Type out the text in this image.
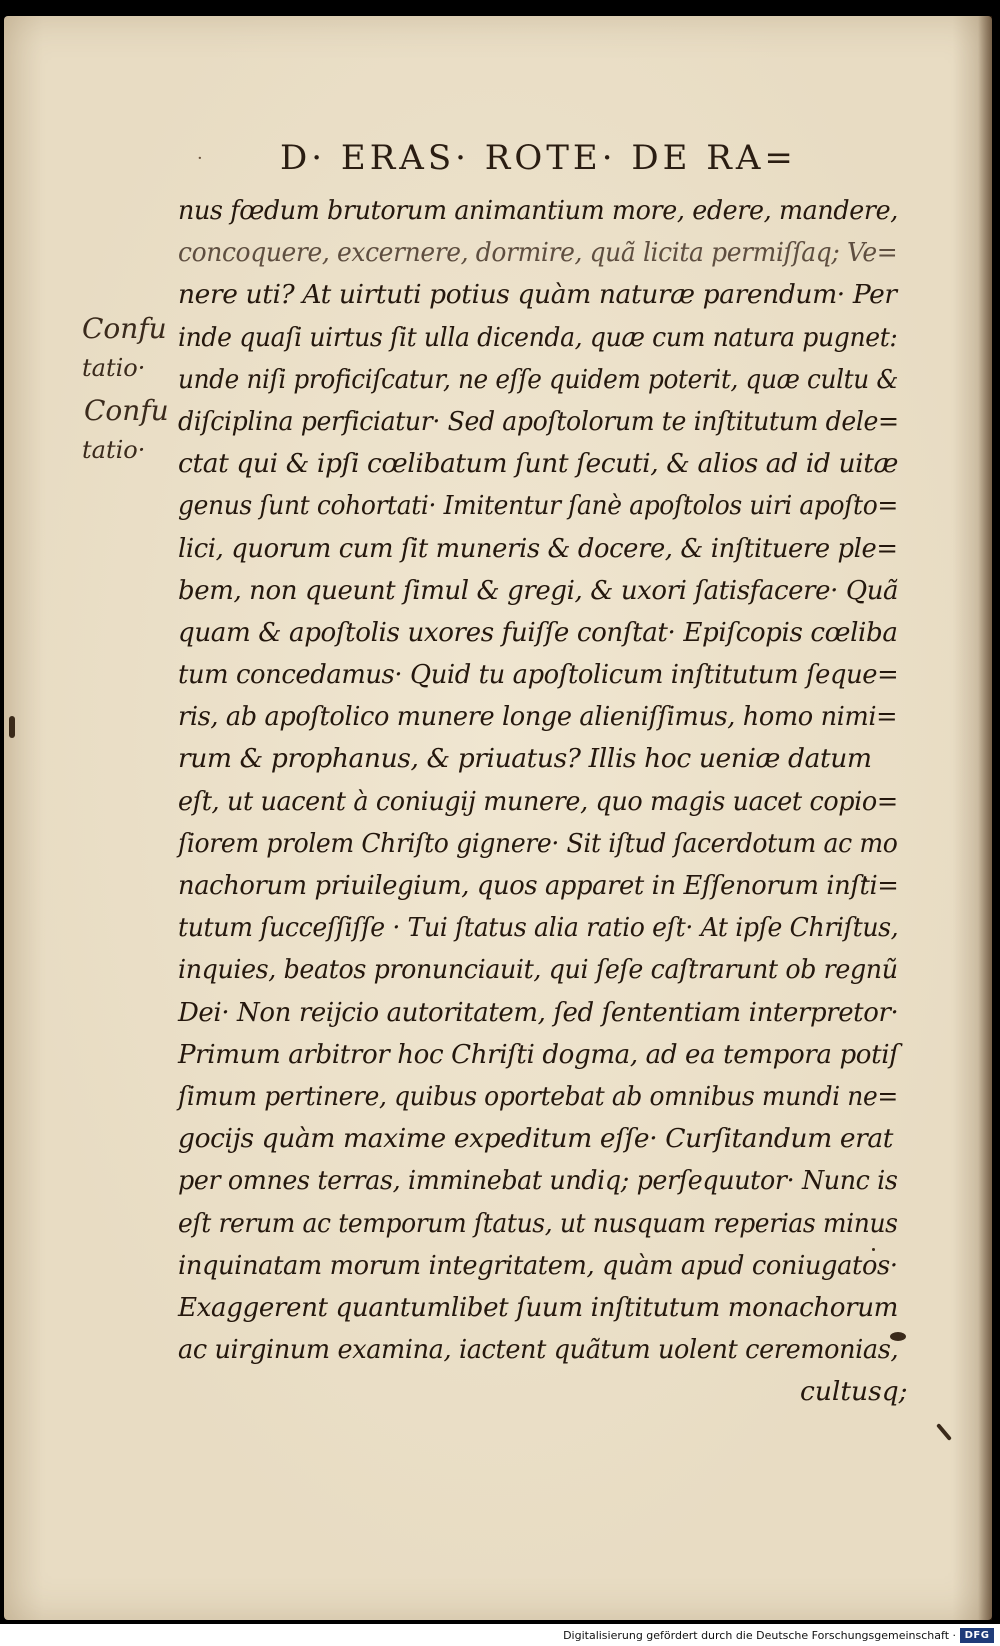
· D· ERAS· ROTE· DE RA=
Confu
tatio·
Confu
tatio·
nus fœdum brutorum animantium more, edere, mandere,
concoquere, excernere, dormire, quã licita permiſſaq; Ve=
nere uti? At uirtuti potius quàm naturæ parendum· Per
inde quaſi uirtus ſit ulla dicenda, quæ cum natura pugnet:
unde niſi proficiſcatur, ne eſſe quidem poterit, quæ cultu &
diſciplina perficiatur· Sed apoſtolorum te inſtitutum dele=
ctat qui & ipſi cœlibatum ſunt ſecuti, & alios ad id uitæ
genus ſunt cohortati· Imitentur ſanè apoſtolos uiri apoſto=
lici, quorum cum ſit muneris & docere, & inſtituere ple=
bem, non queunt ſimul & gregi, & uxori ſatisfacere· Quã
quam & apoſtolis uxores fuiſſe conſtat· Epiſcopis cœliba
tum concedamus· Quid tu apoſtolicum inſtitutum ſeque=
ris, ab apoſtolico munere longe alieniſſimus, homo nimi=
rum & prophanus, & priuatus? Illis hoc ueniæ datum
eſt, ut uacent à coniugij munere, quo magis uacet copio=
ſiorem prolem Chriſto gignere· Sit iſtud ſacerdotum ac mo
nachorum priuilegium, quos apparet in Eſſenorum inſti=
tutum ſucceſſiſſe · Tui ſtatus alia ratio eſt· At ipſe Chriſtus,
inquies, beatos pronunciauit, qui ſeſe caſtrarunt ob regnũ
Dei· Non reijcio autoritatem, ſed ſententiam interpretor·
Primum arbitror hoc Chriſti dogma, ad ea tempora potiſ
ſimum pertinere, quibus oportebat ab omnibus mundi ne=
gocijs quàm maxime expeditum eſſe· Curſitandum erat
per omnes terras, imminebat undiq; perſequutor· Nunc is
eſt rerum ac temporum ſtatus, ut nusquam reperias minus
inquinatam morum integritatem, quàm apud coniugatos·
Exaggerent quantumlibet ſuum inſtitutum monachorum
ac uirginum examina, iactent quãtum uolent ceremonias,
cultusq;
Digitalisierung gefördert durch die Deutsche Forschungsgemeinschaft · DFG
